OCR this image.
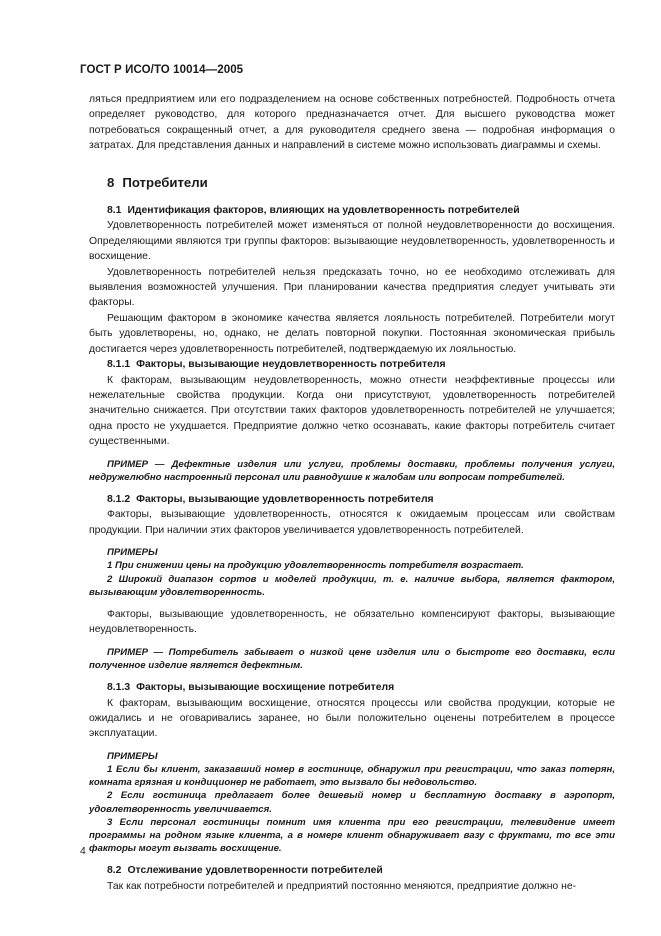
ГОСТ Р ИСО/ТО 10014—2005

ляться предприятием или его подразделением на основе собственных потребностей. Подробность отчета определяет руководство, для которого предназначается отчет. Для высшего руководства может потребоваться сокращенный отчет, а для руководителя среднего звена — подробная информация о затратах. Для представления данных и направлений в системе можно использовать диаграммы и схемы.

8 Потребители
8.1 Идентификация факторов, влияющих на удовлетворенность потребителей

Удовлетворенность потребителей может изменяться от полной неудовлетворенности до восхищения. Определяющими являются три группы факторов: вызывающие неудовлетворенность, удовлетворенность и восхищение.

Удовлетворенность потребителей нельзя предсказать точно, но ее необходимо отслеживать для выявления возможностей улучшения. При планировании качества предприятия следует учитывать эти факторы.

Решающим фактором в экономике качества является лояльность потребителей. Потребители могут быть удовлетворены, но, однако, не делать повторной покупки. Постоянная экономическая прибыль достигается через удовлетворенность потребителей, подтверждаемую их лояльностью.

8.1.1 Факторы, вызывающие неудовлетворенность потребителя

К факторам, вызывающим неудовлетворенность, можно отнести неэффективные процессы или нежелательные свойства продукции. Когда они присутствуют, удовлетворенность потребителей значительно снижается. При отсутствии таких факторов удовлетворенность потребителей не улучшается; одна просто не ухудшается. Предприятие должно четко осознавать, какие факторы потребитель считает существенными.

ПРИМЕР — Дефектные изделия или услуги, проблемы доставки, проблемы получения услуги, недружелюбно настроенный персонал или равнодушие к жалобам или вопросам потребителей.

8.1.2 Факторы, вызывающие удовлетворенность потребителя

Факторы, вызывающие удовлетворенность, относятся к ожидаемым процессам или свойствам продукции. При наличии этих факторов увеличивается удовлетворенность потребителей.

ПРИМЕРЫ

1 При снижении цены на продукцию удовлетворенность потребителя возрастает.

2 Широкий диапазон сортов и моделей продукции, т. е. наличие выбора, является фактором, вызывающим удовлетворенность.

Факторы, вызывающие удовлетворенность, не обязательно компенсируют факторы, вызывающие неудовлетворенность.

ПРИМЕР — Потребитель забывает о низкой цене изделия или о быстроте его доставки, если полученное изделие является дефектным.

8.1.3 Факторы, вызывающие восхищение потребителя

К факторам, вызывающим восхищение, относятся процессы или свойства продукции, которые не ожидались и не оговаривались заранее, но были положительно оценены потребителем в процессе эксплуатации.

ПРИМЕРЫ

1 Если бы клиент, заказавший номер в гостинице, обнаружил при регистрации, что заказ потерян, комната грязная и кондиционер не работает, это вызвало бы недовольство.

2 Если гостиница предлагает более дешевый номер и бесплатную доставку в аэропорт, удовлетворенность увеличивается.

3 Если персонал гостиницы помнит имя клиента при его регистрации, телевидение имеет программы на родном языке клиента, а в номере клиент обнаруживает вазу с фруктами, то все эти факторы могут вызвать восхищение.

8.2 Отслеживание удовлетворенности потребителей

Так как потребности потребителей и предприятий постоянно меняются, предприятие должно не-

4
